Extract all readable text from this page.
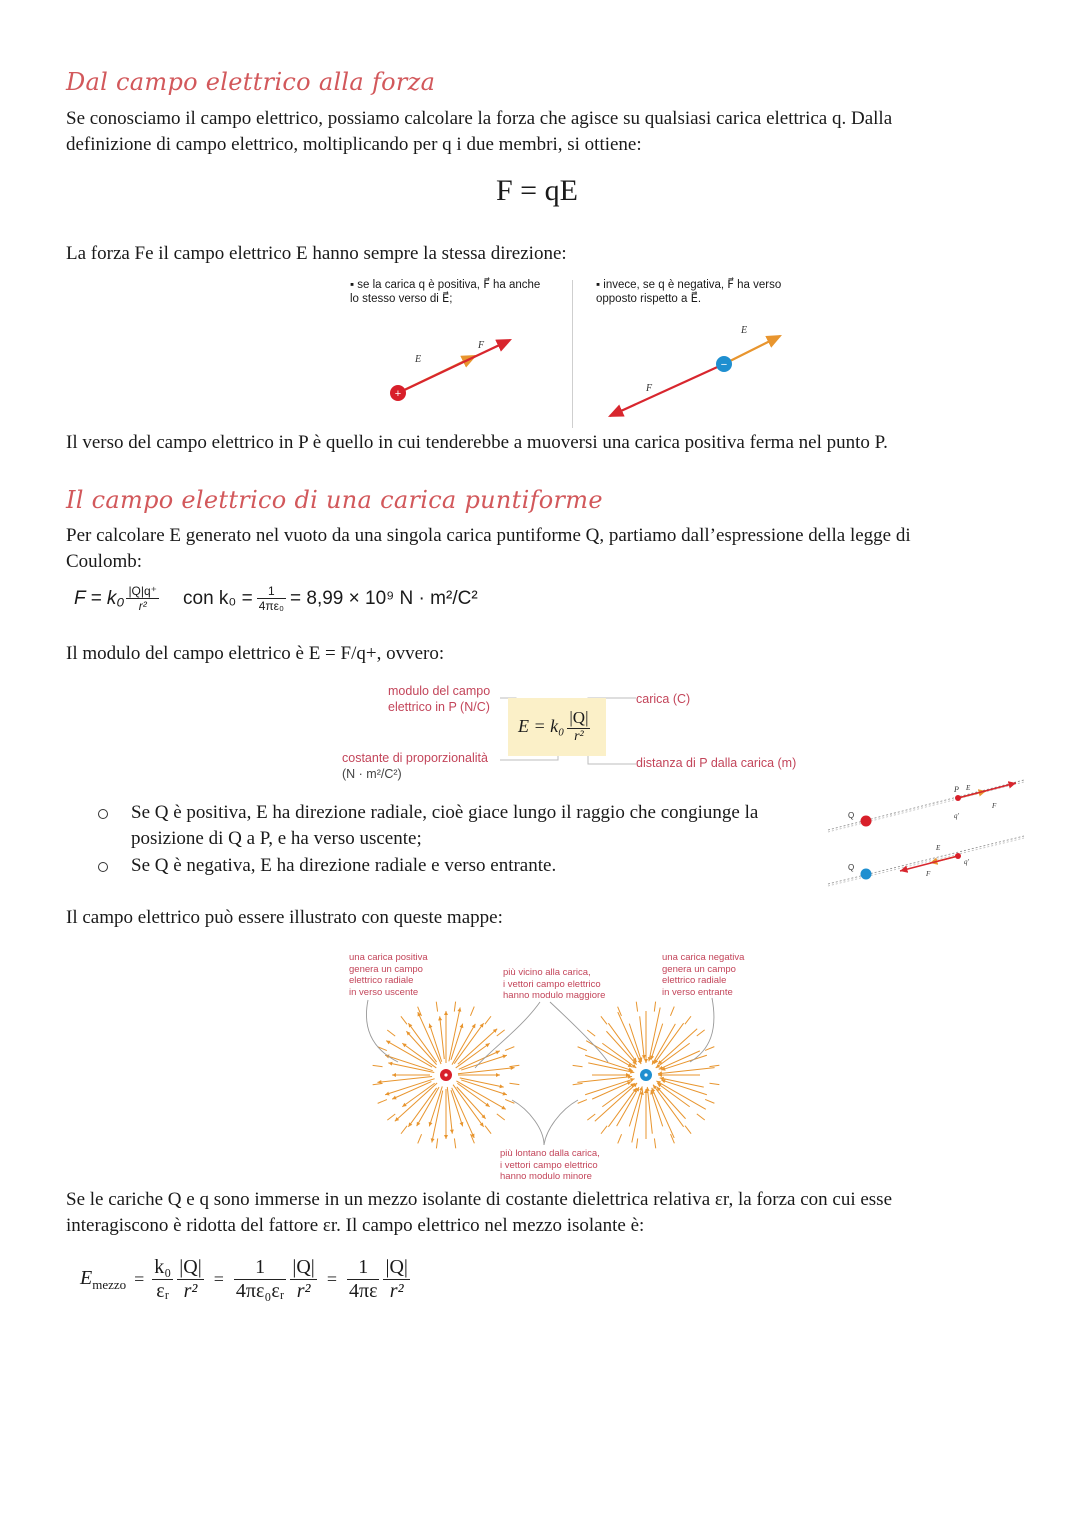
Dal campo elettrico alla forza
Se conosciamo il campo elettrico, possiamo calcolare la forza che agisce su qualsiasi carica elettrica q. Dalla
definizione di campo elettrico, moltiplicando per q i due membri, si ottiene:
F = qE
La forza Fe il campo elettrico E hanno sempre la stessa direzione:
▪ se la carica q è positiva, F⃗ ha anche
lo stesso verso di E⃗;
▪ invece, se q è negativa, F⃗ ha verso
opposto rispetto a E⃗.
+
E⃗
F⃗
−
E⃗
F⃗
Il verso del campo elettrico in P è quello in cui tenderebbe a muoversi una carica positiva ferma nel punto P.
Il campo elettrico di una carica puntiforme
Per calcolare E generato nel vuoto da una singola carica puntiforme Q, partiamo dall’espressione della legge di
Coulomb:
$F = k_0 \frac{|Q|q^+}{\text{r²}}$ con $k_0 = \frac{1}{\text{4πε₀}} = 8,99 \times 10^9$ N · m²/C²
Il modulo del campo elettrico è E = F/q+, ovvero:
modulo del campo
elettrico in P (N/C)
carica (C)
costante di proporzionalità
(N · m²/C²)
distanza di P dalla carica (m)
$E = k_0 \frac{|Q|}{\text{r²}}$
Se Q è positiva, E ha direzione radiale, cioè giace lungo il raggio che congiunge la
posizione di Q a P, e ha verso uscente;
Se Q è negativa, E ha direzione radiale e verso entrante.
Q
P E⃗
F⃗
q'
Q
E⃗
F⃗
q'
Il campo elettrico può essere illustrato con queste mappe:
una carica positiva
genera un campo
elettrico radiale
in verso uscente
più vicino alla carica,
i vettori campo elettrico
hanno modulo maggiore
una carica negativa
genera un campo
elettrico radiale
in verso entrante
più lontano dalla carica,
i vettori campo elettrico
hanno modulo minore
Se le cariche Q e q sono immerse in un mezzo isolante di costante dielettrica relativa εr, la forza con cui esse
interagiscono è ridotta del fattore εr. Il campo elettrico nel mezzo isolante è:
$E_{mezzo} = \frac{\text{k₀}}{\text{εᵣ}} \frac{|Q|}{\text{r²}} = \frac{1}{\text{4πε₀εᵣ}} \frac{|Q|}{\text{r²}} = \frac{1}{4\pi\varepsilon} \frac{|Q|}{\text{r²}}$
